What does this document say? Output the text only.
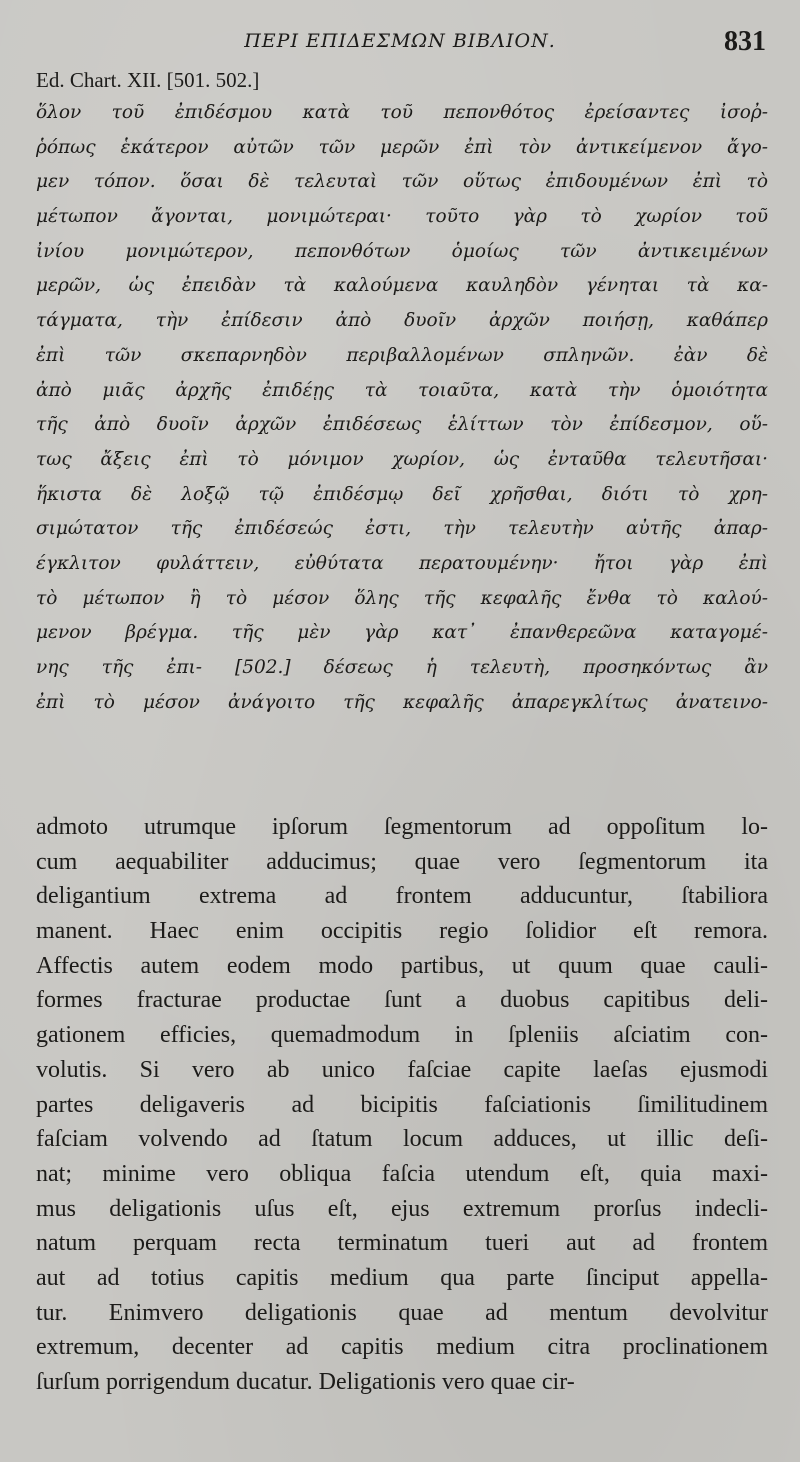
ΠΕΡΙ ΕΠΙΔΕΣΜΩΝ ΒΙΒΛΙΟΝ.	831
Ed. Chart. XII. [501. 502.]
ὅλον τοῦ ἐπιδέσμου κατὰ τοῦ πεπονθότος ἐρείσαντες ἰσοῤ-
ῥόπως ἑκάτερον αὐτῶν τῶν μερῶν ἐπὶ τὸν ἀντικείμενον ἄγο-
μεν τόπον. ὅσαι δὲ τελευταὶ τῶν οὕτως ἐπιδουμένων ἐπὶ τὸ
μέτωπον ἄγονται, μονιμώτεραι· τοῦτο γὰρ τὸ χωρίον τοῦ
ἰνίου μονιμώτερον, πεπονθότων ὁμοίως τῶν ἀντικειμένων
μερῶν, ὡς ἐπειδὰν τὰ καλούμενα καυληδὸν γένηται τὰ κα-
τάγματα, τὴν ἐπίδεσιν ἀπὸ δυοῖν ἀρχῶν ποιήσῃ, καθάπερ
ἐπὶ τῶν σκεπαρνηδὸν περιβαλλομένων σπληνῶν. ἐὰν δὲ
ἀπὸ μιᾶς ἀρχῆς ἐπιδέῃς τὰ τοιαῦτα, κατὰ τὴν ὁμοιότητα
τῆς ἀπὸ δυοῖν ἀρχῶν ἐπιδέσεως ἑλίττων τὸν ἐπίδεσμον, οὕ-
τως ἄξεις ἐπὶ τὸ μόνιμον χωρίον, ὡς ἐνταῦθα τελευτῆσαι·
ἥκιστα δὲ λοξῷ τῷ ἐπιδέσμῳ δεῖ χρῆσθαι, διότι τὸ χρη-
σιμώτατον τῆς ἐπιδέσεώς ἐστι, τὴν τελευτὴν αὐτῆς ἀπαρ-
έγκλιτον φυλάττειν, εὐθύτατα περατουμένην· ἤτοι γὰρ ἐπὶ
τὸ μέτωπον ἢ τὸ μέσον ὅλης τῆς κεφαλῆς ἔνθα τὸ καλού-
μενον βρέγμα. τῆς μὲν γὰρ κατ᾽ ἐπανθερεῶνα καταγομέ-
νης τῆς ἐπι- [502.] δέσεως ἡ τελευτὴ, προσηκόντως ἂν
ἐπὶ τὸ μέσον ἀνάγοιτο τῆς κεφαλῆς ἀπαρεγκλίτως ἀνατεινο-
admoto utrumque ipſorum ſegmentorum ad oppoſitum lo-
cum aequabiliter adducimus; quae vero ſegmentorum ita
deligantium extrema ad frontem adducuntur, ſtabiliora
manent. Haec enim occipitis regio ſolidior eſt remora.
Affectis autem eodem modo partibus, ut quum quae cauli-
formes fracturae productae ſunt a duobus capitibus deli-
gationem efficies, quemadmodum in ſpleniis aſciatim con-
volutis. Si vero ab unico faſciae capite laeſas ejusmodi
partes deligaveris ad bicipitis faſciationis ſimilitudinem
faſciam volvendo ad ſtatum locum adduces, ut illic deſi-
nat; minime vero obliqua faſcia utendum eſt, quia maxi-
mus deligationis uſus eſt, ejus extremum prorſus indecli-
natum perquam recta terminatum tueri aut ad frontem
aut ad totius capitis medium qua parte ſinciput appella-
tur. Enimvero deligationis quae ad mentum devolvitur
extremum, decenter ad capitis medium citra proclinationem
ſurſum porrigendum ducatur. Deligationis vero quae cir-
